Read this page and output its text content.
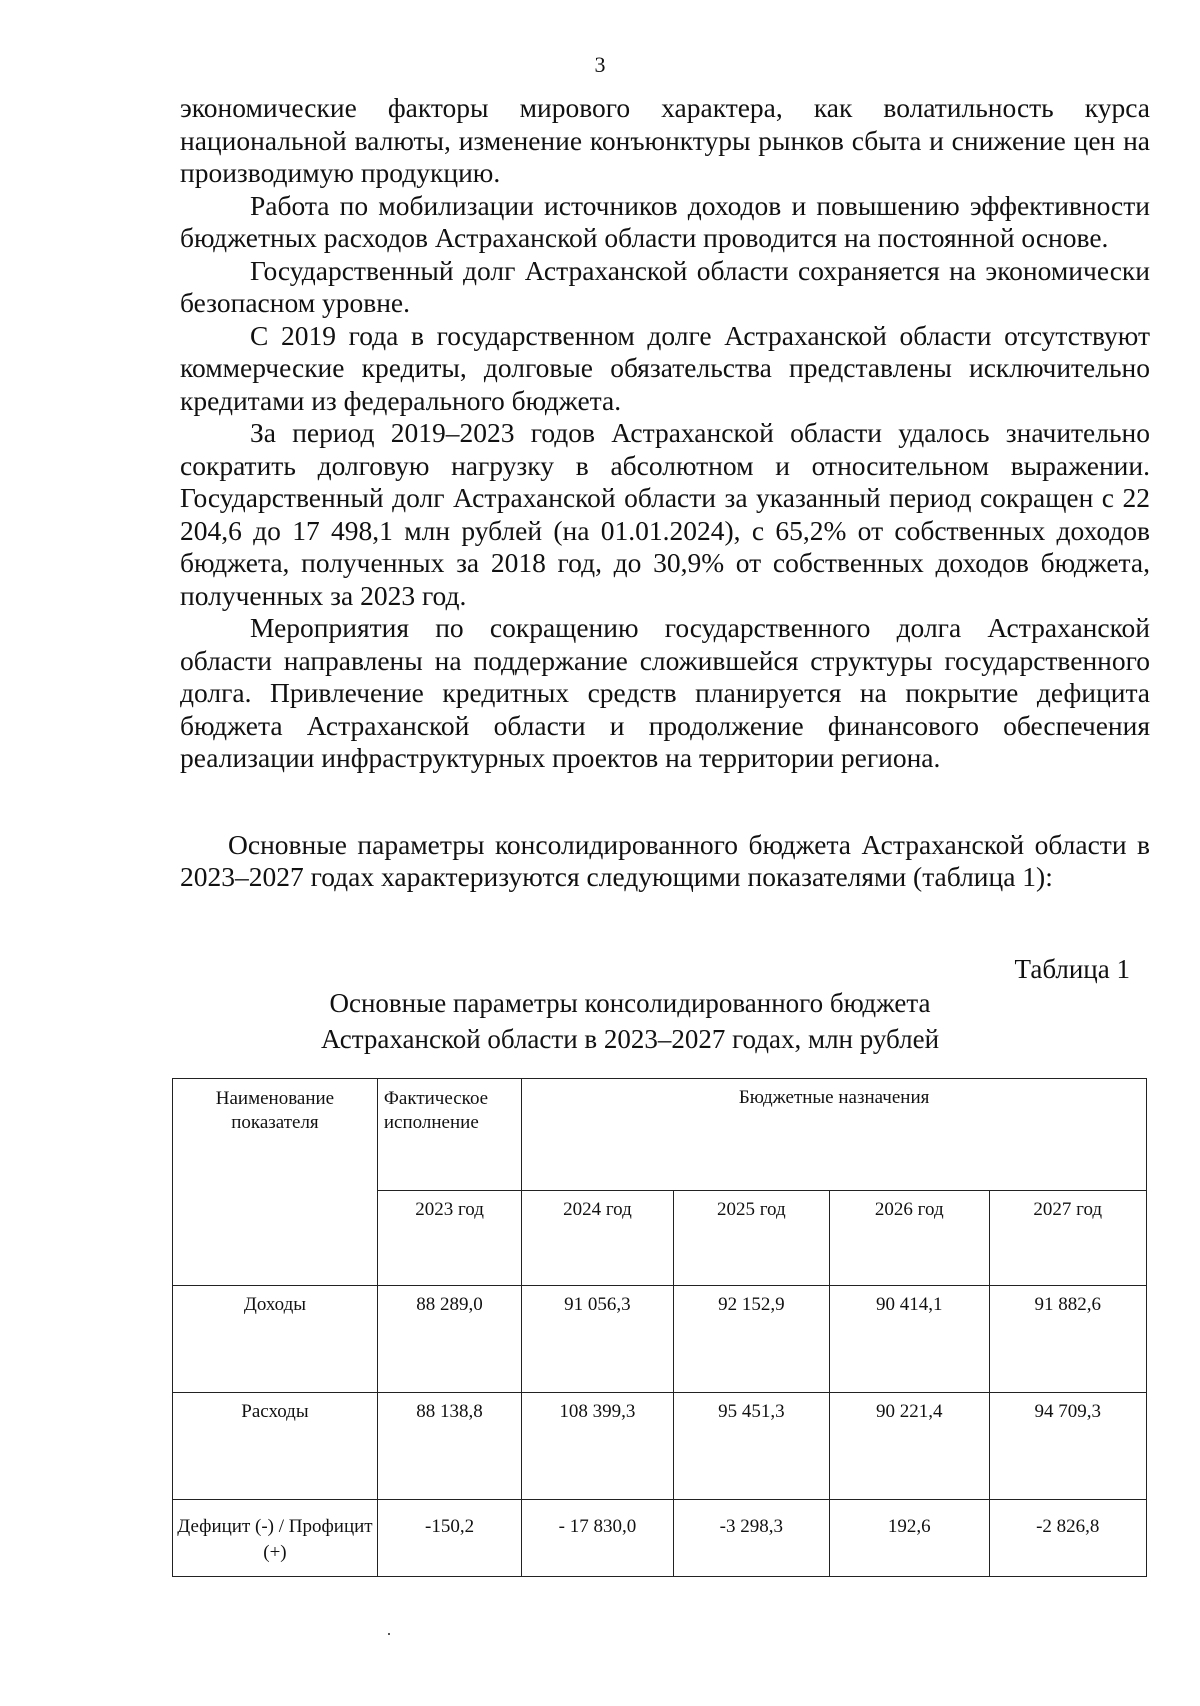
3

экономические факторы мирового характера, как волатильность курса национальной валюты, изменение конъюнктуры рынков сбыта и снижение цен на производимую продукцию.

Работа по мобилизации источников доходов и повышению эффективности бюджетных расходов Астраханской области проводится на постоянной основе.

Государственный долг Астраханской области сохраняется на экономически безопасном уровне.

С 2019 года в государственном долге Астраханской области отсутствуют коммерческие кредиты, долговые обязательства представлены исключительно кредитами из федерального бюджета.

За период 2019–2023 годов Астраханской области удалось значительно сократить долговую нагрузку в абсолютном и относительном выражении. Государственный долг Астраханской области за указанный период сокращен с 22 204,6 до 17 498,1 млн рублей (на 01.01.2024), с 65,2% от собственных доходов бюджета, полученных за 2018 год, до 30,9% от собственных доходов бюджета, полученных за 2023 год.

Мероприятия по сокращению государственного долга Астраханской области направлены на поддержание сложившейся структуры государственного долга. Привлечение кредитных средств планируется на покрытие дефицита бюджета Астраханской области и продолжение финансового обеспечения реализации инфраструктурных проектов на территории региона.

Основные параметры консолидированного бюджета Астраханской области в 2023–2027 годах характеризуются следующими показателями (таблица 1):

Таблица 1
Основные параметры консолидированного бюджета
Астраханской области в 2023–2027 годах, млн рублей
Наименование показателя	Фактическое исполнение	Бюджетные назначения			
	2023 год	2024 год	2025 год	2026 год	2027 год
Доходы	88 289,0	91 056,3	92 152,9	90 414,1	91 882,6
Расходы	88 138,8	108 399,3	95 451,3	90 221,4	94 709,3
Дефицит (-) / Профицит (+)	-150,2	- 17 830,0	-3 298,3	192,6	-2 826,8
